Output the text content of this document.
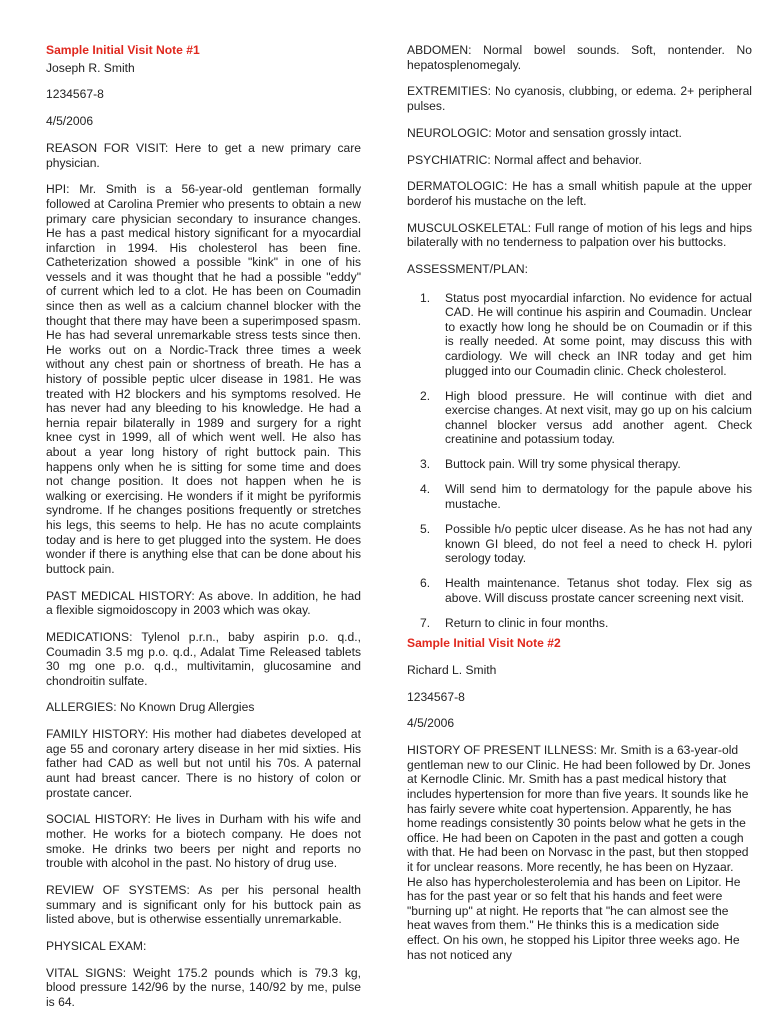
Sample Initial Visit Note #1
Joseph R. Smith
1234567-8
4/5/2006

REASON FOR VISIT: Here to get a new primary care physician.

HPI: Mr. Smith is a 56-year-old gentleman formally followed at Carolina Premier who presents to obtain a new primary care physician secondary to insurance changes. He has a past medical history significant for a myocardial infarction in 1994. His cholesterol has been fine. Catheterization showed a possible "kink" in one of his vessels and it was thought that he had a possible "eddy" of current which led to a clot. He has been on Coumadin since then as well as a calcium channel blocker with the thought that there may have been a superimposed spasm. He has had several unremarkable stress tests since then. He works out on a Nordic-Track three times a week without any chest pain or shortness of breath. He has a history of possible peptic ulcer disease in 1981. He was treated with H2 blockers and his symptoms resolved. He has never had any bleeding to his knowledge. He had a hernia repair bilaterally in 1989 and surgery for a right knee cyst in 1999, all of which went well. He also has about a year long history of right buttock pain. This happens only when he is sitting for some time and does not change position. It does not happen when he is walking or exercising. He wonders if it might be pyriformis syndrome. If he changes positions frequently or stretches his legs, this seems to help. He has no acute complaints today and is here to get plugged into the system. He does wonder if there is anything else that can be done about his buttock pain.

PAST MEDICAL HISTORY: As above. In addition, he had a flexible sigmoidoscopy in 2003 which was okay.

MEDICATIONS: Tylenol p.r.n., baby aspirin p.o. q.d., Coumadin 3.5 mg p.o. q.d., Adalat Time Released tablets 30 mg one p.o. q.d., multivitamin, glucosamine and chondroitin sulfate.

ALLERGIES: No Known Drug Allergies

FAMILY HISTORY: His mother had diabetes developed at age 55 and coronary artery disease in her mid sixties. His father had CAD as well but not until his 70s. A paternal aunt had breast cancer. There is no history of colon or prostate cancer.

SOCIAL HISTORY: He lives in Durham with his wife and mother. He works for a biotech company. He does not smoke. He drinks two beers per night and reports no trouble with alcohol in the past. No history of drug use.

REVIEW OF SYSTEMS: As per his personal health summary and is significant only for his buttock pain as listed above, but is otherwise essentially unremarkable.

PHYSICAL EXAM:

VITAL SIGNS: Weight 175.2 pounds which is 79.3 kg, blood pressure 142/96 by the nurse, 140/92 by me, pulse is 64.

ABDOMEN: Normal bowel sounds. Soft, nontender. No hepatosplenomegaly.

EXTREMITIES: No cyanosis, clubbing, or edema. 2+ peripheral pulses.

NEUROLOGIC: Motor and sensation grossly intact.

PSYCHIATRIC: Normal affect and behavior.

DERMATOLOGIC: He has a small whitish papule at the upper borderof his mustache on the left.

MUSCULOSKELETAL: Full range of motion of his legs and hips bilaterally with no tenderness to palpation over his buttocks.

ASSESSMENT/PLAN:

1. Status post myocardial infarction. No evidence for actual CAD. He will continue his aspirin and Coumadin. Unclear to exactly how long he should be on Coumadin or if this is really needed. At some point, may discuss this with cardiology. We will check an INR today and get him plugged into our Coumadin clinic. Check cholesterol.
2. High blood pressure. He will continue with diet and exercise changes. At next visit, may go up on his calcium channel blocker versus add another agent. Check creatinine and potassium today.
3. Buttock pain. Will try some physical therapy.
4. Will send him to dermatology for the papule above his mustache.
5. Possible h/o peptic ulcer disease. As he has not had any known GI bleed, do not feel a need to check H. pylori serology today.
6. Health maintenance. Tetanus shot today. Flex sig as above. Will discuss prostate cancer screening next visit.
7. Return to clinic in four months.
Sample Initial Visit Note #2
Richard L. Smith
1234567-8
4/5/2006

HISTORY OF PRESENT ILLNESS: Mr. Smith is a 63-year-old gentleman new to our Clinic. He had been followed by Dr. Jones at Kernodle Clinic. Mr. Smith has a past medical history that includes hypertension for more than five years. It sounds like he has fairly severe white coat hypertension. Apparently, he has home readings consistently 30 points below what he gets in the office. He had been on Capoten in the past and gotten a cough with that. He had been on Norvasc in the past, but then stopped it for unclear reasons. More recently, he has been on Hyzaar. He also has hypercholesterolemia and has been on Lipitor. He has for the past year or so felt that his hands and feet were "burning up" at night. He reports that "he can almost see the heat waves from them." He thinks this is a medication side effect. On his own, he stopped his Lipitor three weeks ago. He has not noticed any
